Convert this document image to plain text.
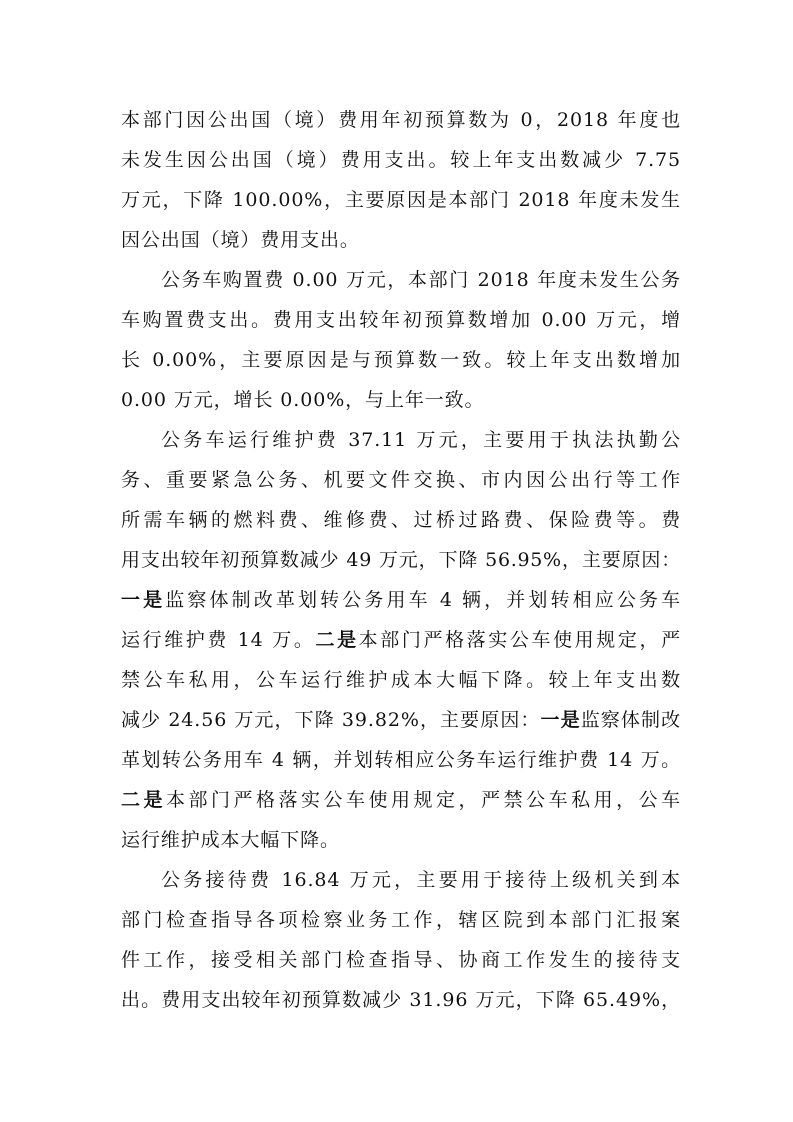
本部门因公出国（境）费用年初预算数为 0，2018 年度也
未发生因公出国（境）费用支出。较上年支出数减少 7.75
万元，下降 100.00%，主要原因是本部门 2018 年度未发生
因公出国（境）费用支出。
公务车购置费 0.00 万元，本部门 2018 年度未发生公务
车购置费支出。费用支出较年初预算数增加 0.00 万元，增
长 0.00%，主要原因是与预算数一致。较上年支出数增加
0.00 万元，增长 0.00%，与上年一致。
公务车运行维护费 37.11 万元，主要用于执法执勤公
务、重要紧急公务、机要文件交换、市内因公出行等工作
所需车辆的燃料费、维修费、过桥过路费、保险费等。费
用支出较年初预算数减少 49 万元，下降 56.95%，主要原因：
一是监察体制改革划转公务用车 4 辆，并划转相应公务车
运行维护费 14 万。二是本部门严格落实公车使用规定，严
禁公车私用，公车运行维护成本大幅下降。较上年支出数
减少 24.56 万元，下降 39.82%，主要原因：一是监察体制改
革划转公务用车 4 辆，并划转相应公务车运行维护费 14 万。
二是本部门严格落实公车使用规定，严禁公车私用，公车
运行维护成本大幅下降。
公务接待费 16.84 万元，主要用于接待上级机关到本
部门检查指导各项检察业务工作，辖区院到本部门汇报案
件工作，接受相关部门检查指导、协商工作发生的接待支
出。费用支出较年初预算数减少 31.96 万元，下降 65.49%，
